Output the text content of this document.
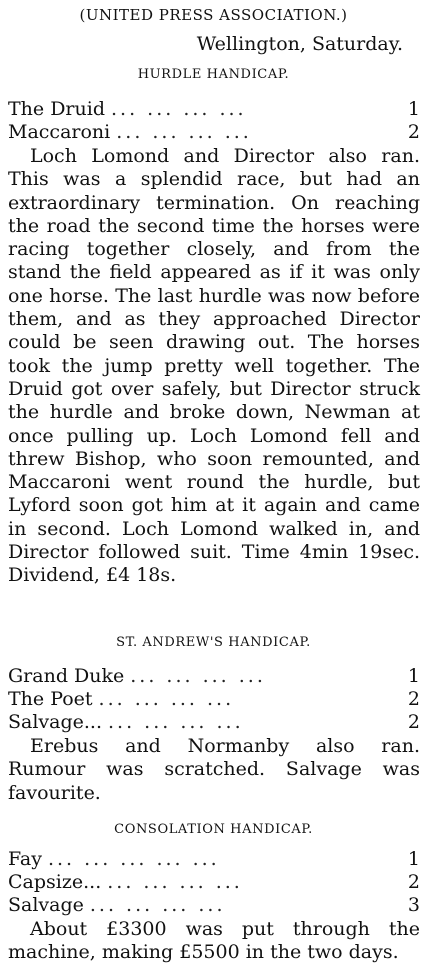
(UNITED PRESS ASSOCIATION.)
Wellington, Saturday.
HURDLE HANDICAP.
The Druid ... ... ... ...	1
Maccaroni ... ... ... ...	2

Loch Lomond and Director also ran. This was a splendid race, but had an extraordinary termination. On reaching the road the second time the horses were racing together closely, and from the stand the field appeared as if it was only one horse. The last hurdle was now before them, and as they approached Director could be seen drawing out. The horses took the jump pretty well together. The Druid got over safely, but Director struck the hurdle and broke down, Newman at once pulling up. Loch Lomond fell and threw Bishop, who soon remounted, and Maccaroni went round the hurdle, but Lyford soon got him at it again and came in second. Loch Lomond walked in, and Director followed suit. Time 4min 19sec. Dividend, £4 18s.

ST. ANDREW'S HANDICAP.
Grand Duke ... ... ... ...	1
The Poet ... ... ... ...	2
Salvage... ... ... ... ...	2

Erebus and Normanby also ran. Rumour was scratched. Salvage was favourite.

CONSOLATION HANDICAP.
Fay ... ... ... ... ...	1
Capsize... ... ... ... ...	2
Salvage ... ... ... ...	3

About £3300 was put through the machine, making £5500 in the two days.
